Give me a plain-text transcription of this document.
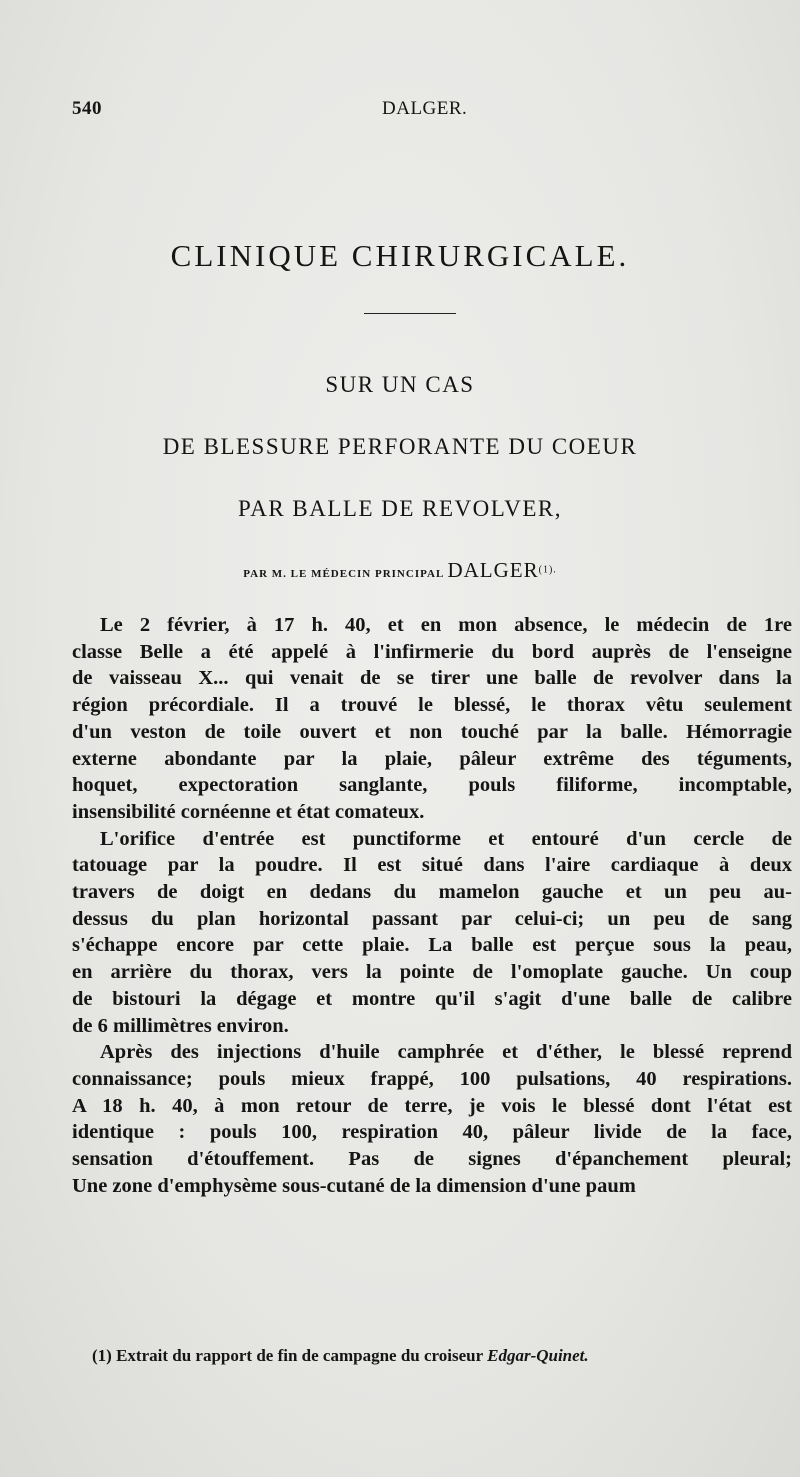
540	DALGER.
CLINIQUE CHIRURGICALE.
SUR UN CAS
DE BLESSURE PERFORANTE DU COEUR
PAR BALLE DE REVOLVER,
PAR M. LE MÉDECIN PRINCIPAL $DALGER^{(1).}$
Le 2 février, à 17 h. 40, et en mon absence, le médecin de 1re
classe Belle a été appelé à l'infirmerie du bord auprès de l'enseigne
de vaisseau X... qui venait de se tirer une balle de revolver dans la
région précordiale. Il a trouvé le blessé, le thorax vêtu seulement
d'un veston de toile ouvert et non touché par la balle. Hémorragie
externe abondante par la plaie, pâleur extrême des téguments,
hoquet, expectoration sanglante, pouls filiforme, incomptable,
insensibilité cornéenne et état comateux.
L'orifice d'entrée est punctiforme et entouré d'un cercle de
tatouage par la poudre. Il est situé dans l'aire cardiaque à deux
travers de doigt en dedans du mamelon gauche et un peu au-
dessus du plan horizontal passant par celui-ci; un peu de sang
s'échappe encore par cette plaie. La balle est perçue sous la peau,
en arrière du thorax, vers la pointe de l'omoplate gauche. Un coup
de bistouri la dégage et montre qu'il s'agit d'une balle de calibre
de 6 millimètres environ.
Après des injections d'huile camphrée et d'éther, le blessé reprend
connaissance; pouls mieux frappé, 100 pulsations, 40 respirations.
A 18 h. 40, à mon retour de terre, je vois le blessé dont l'état est
identique : pouls 100, respiration 40, pâleur livide de la face,
sensation d'étouffement. Pas de signes d'épanchement pleural;
Une zone d'emphysème sous-cutané de la dimension d'une paum
(1) Extrait du rapport de fin de campagne du croiseur Edgar-Quinet.
